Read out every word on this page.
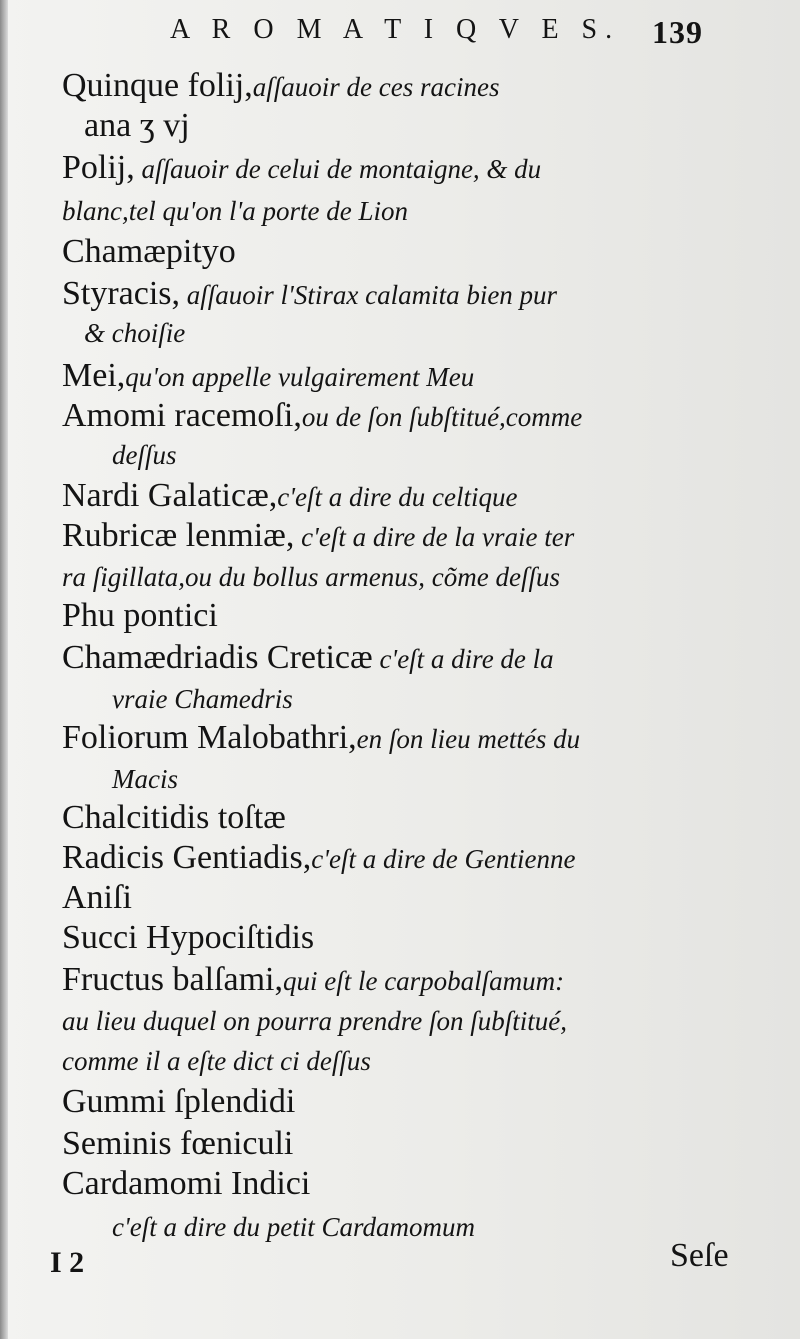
A R O M A T I Q V E S. 139
Quinque folij,aſſauoir de ces racines
ana ʒ vj
Polij, aſſauoir de celui de montaigne, & du
blanc,tel qu'on l'a porte de Lion
Chamæpityo
Styracis, aſſauoir l'Stirax calamita bien pur
& choiſie
Mei,qu'on appelle vulgairement Meu
Amomi racemoſi,ou de ſon ſubſtitué,comme
deſſus
Nardi Galaticæ,c'eſt a dire du celtique
Rubricæ lenmiæ, c'eſt a dire de la vraie ter
ra ſigillata,ou du bollus armenus, cõme deſſus
Phu pontici
Chamædriadis Creticæ c'eſt a dire de la
vraie Chamedris
Foliorum Malobathri,en ſon lieu mettés du
Macis
Chalcitidis toſtæ
Radicis Gentiadis,c'eſt a dire de Gentienne
Aniſi
Succi Hypociſtidis
Fructus balſami,qui eſt le carpobalſamum:
au lieu duquel on pourra prendre ſon ſubſtitué,
comme il a eſte dict ci deſſus
Gummi ſplendidi
Seminis fœniculi
Cardamomi Indici
c'eſt a dire du petit Cardamomum
I 2	Seſe
